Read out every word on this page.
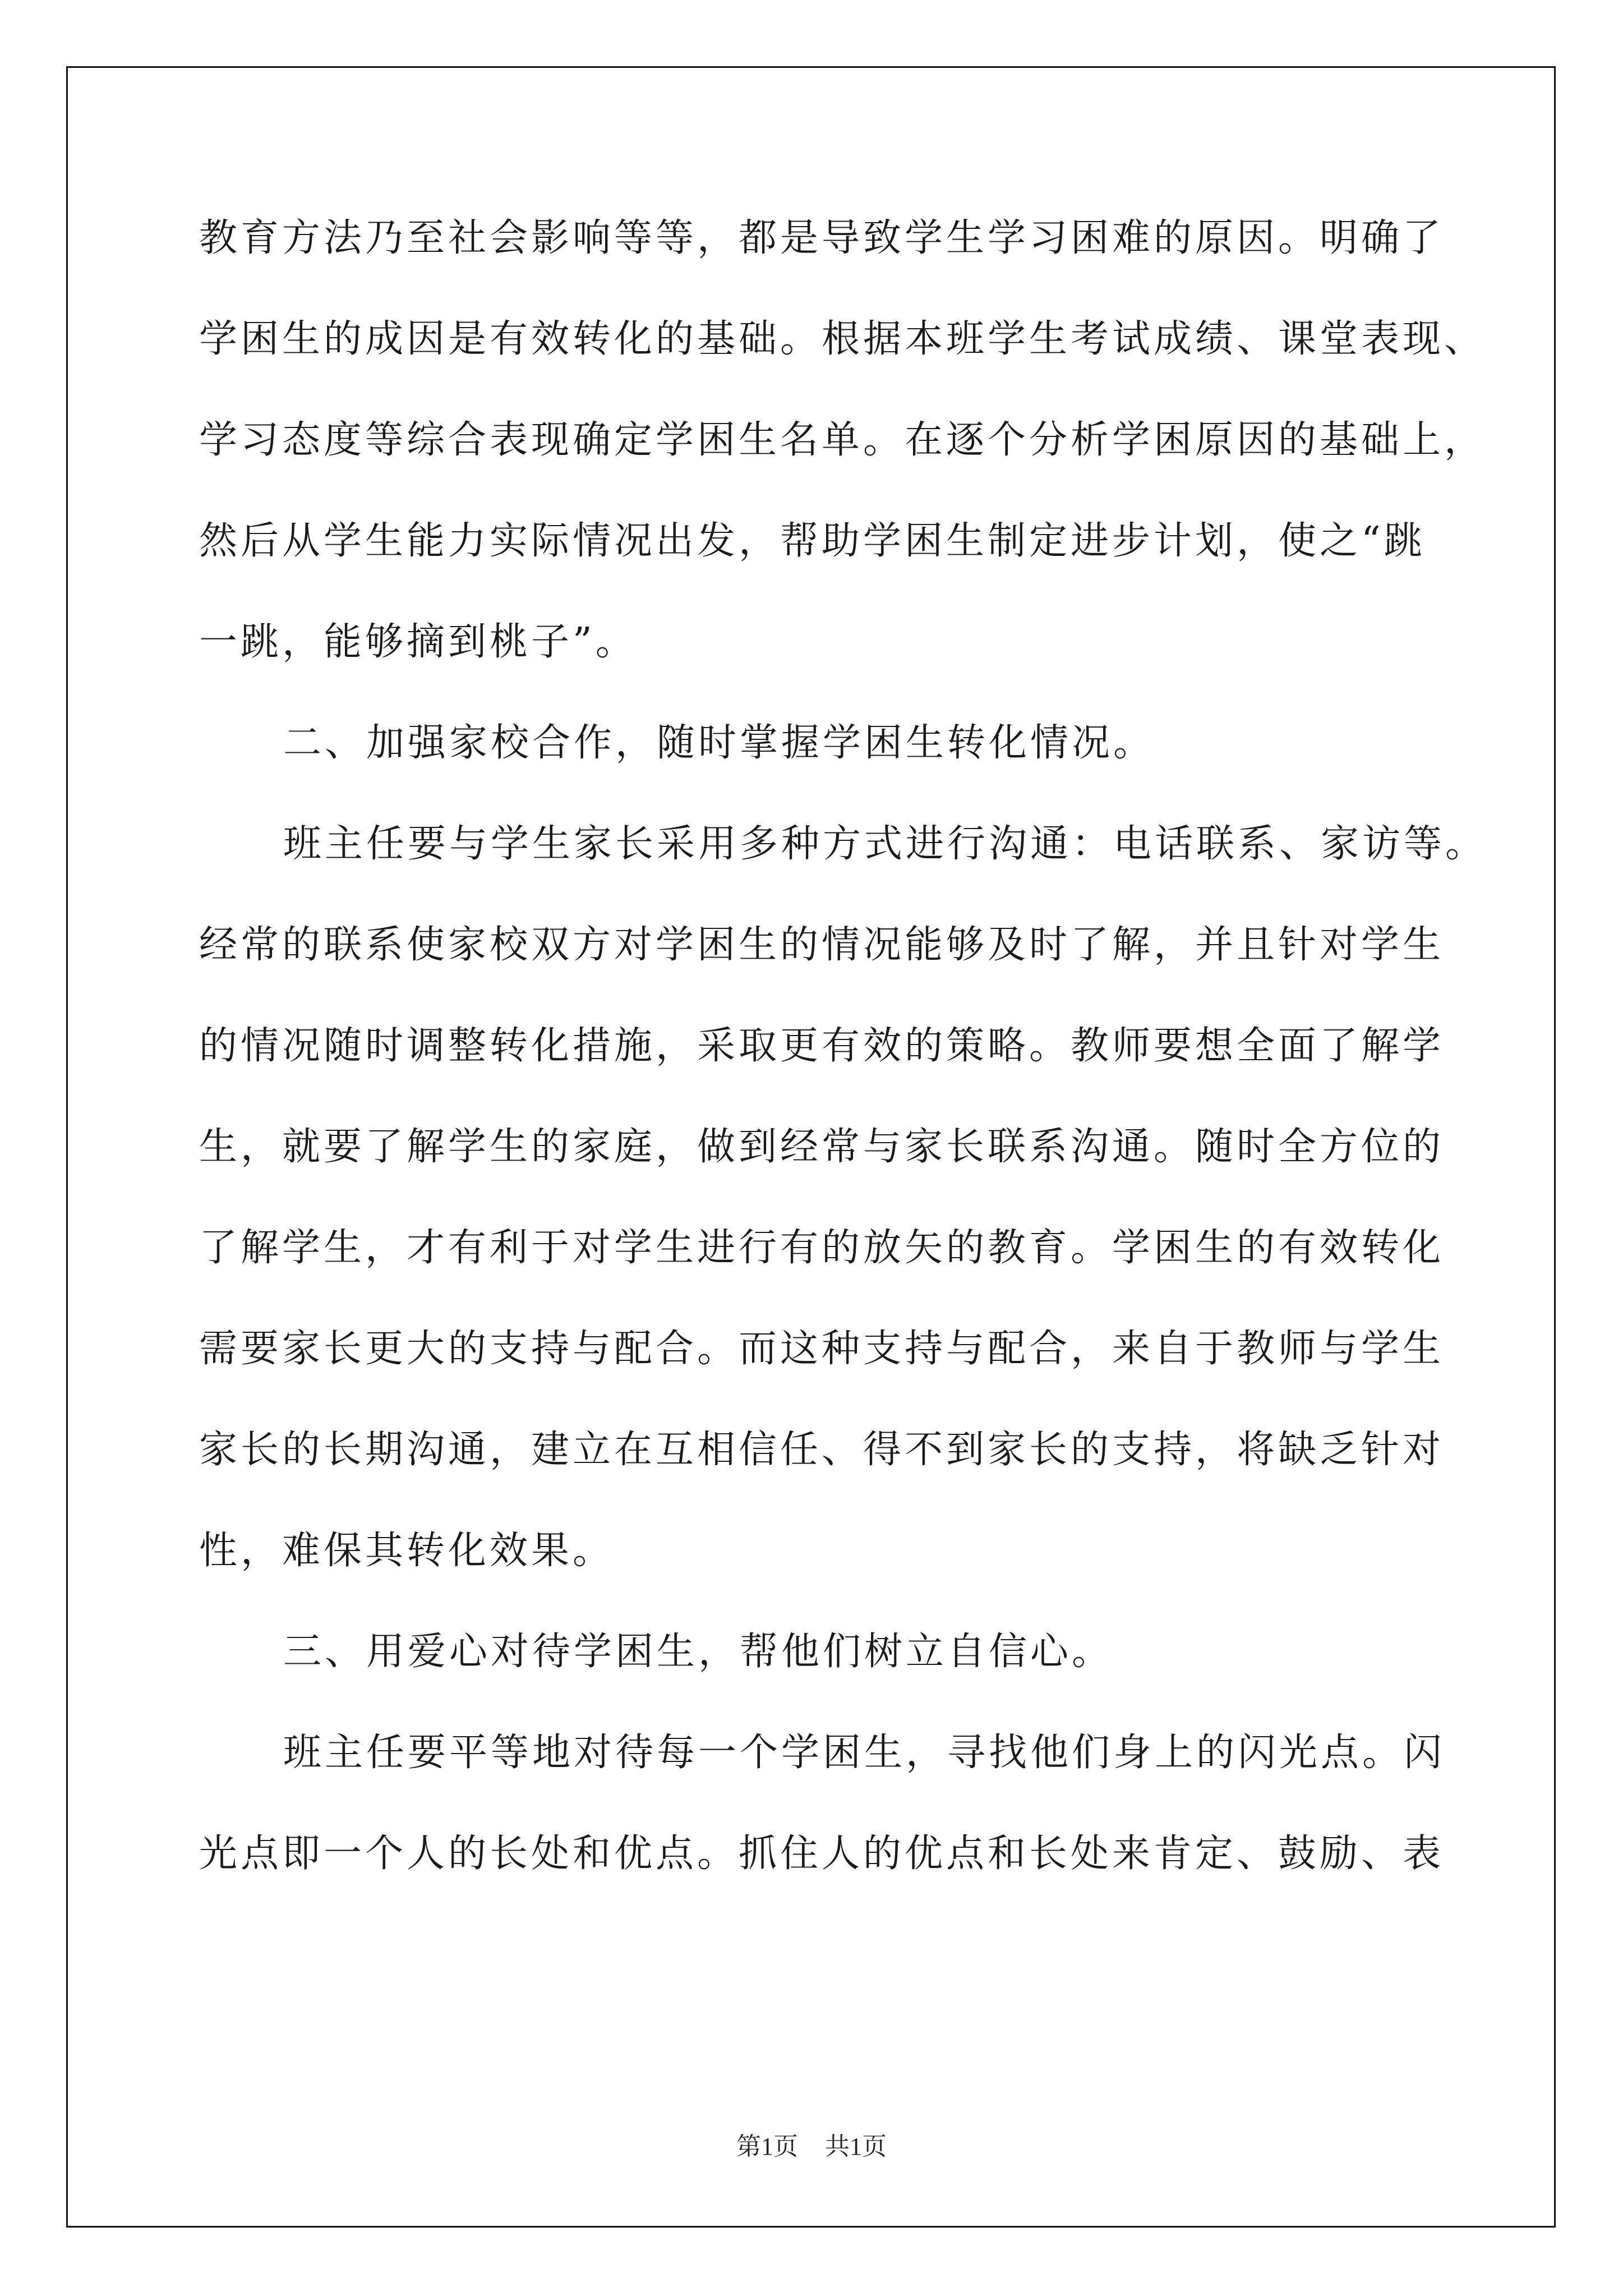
教育方法乃至社会影响等等，都是导致学生学习困难的原因。明确了
学困生的成因是有效转化的基础。根据本班学生考试成绩、课堂表现、
学习态度等综合表现确定学困生名单。在逐个分析学困原因的基础上，
然后从学生能力实际情况出发，帮助学困生制定进步计划，使之“跳
一跳，能够摘到桃子”。
二、加强家校合作，随时掌握学困生转化情况。
班主任要与学生家长采用多种方式进行沟通：电话联系、家访等。
经常的联系使家校双方对学困生的情况能够及时了解，并且针对学生
的情况随时调整转化措施，采取更有效的策略。教师要想全面了解学
生，就要了解学生的家庭，做到经常与家长联系沟通。随时全方位的
了解学生，才有利于对学生进行有的放矢的教育。学困生的有效转化
需要家长更大的支持与配合。而这种支持与配合，来自于教师与学生
家长的长期沟通，建立在互相信任、得不到家长的支持，将缺乏针对
性，难保其转化效果。
三、用爱心对待学困生，帮他们树立自信心。
班主任要平等地对待每一个学困生，寻找他们身上的闪光点。闪
光点即一个人的长处和优点。抓住人的优点和长处来肯定、鼓励、表
第1页 共1页
